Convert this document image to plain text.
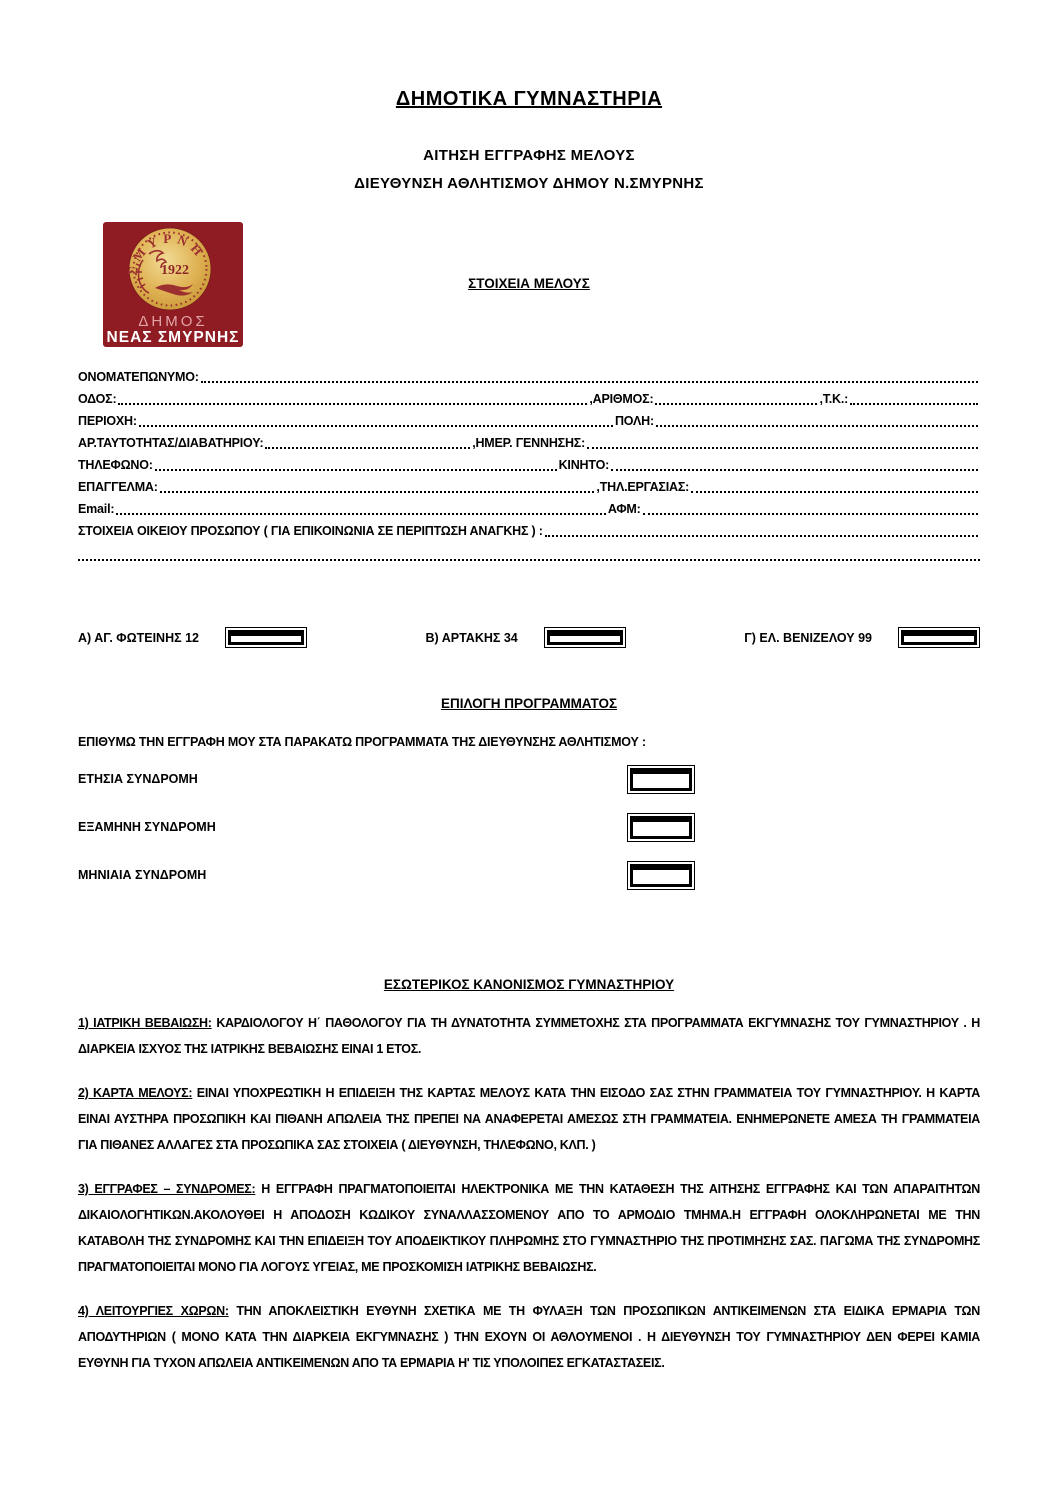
ΔΗΜΟΤΙΚΑ ΓΥΜΝΑΣΤΗΡΙΑ
ΑΙΤΗΣΗ ΕΓΓΡΑΦΗΣ ΜΕΛΟΥΣ
ΔΙΕΥΘΥΝΣΗ ΑΘΛΗΤΙΣΜΟΥ ΔΗΜΟΥ Ν.ΣΜΥΡΝΗΣ
ΣΜΥΡΝΗ
1922
ΔΗΜΟΣ
ΝΕΑΣ ΣΜΥΡΝΗΣ
ΣΤΟΙΧΕΙΑ ΜΕΛΟΥΣ
ΟΝΟΜΑΤΕΠΩΝΥΜΟ:
ΟΔΟΣ:	,ΑΡΙΘΜΟΣ:	,Τ.Κ.:
ΠΕΡΙΟΧΗ:	ΠΟΛΗ:
ΑΡ.ΤΑΥΤΟΤΗΤΑΣ/ΔΙΑΒΑΤΗΡΙΟΥ:	,ΗΜΕΡ. ΓΕΝΝΗΣΗΣ:
ΤΗΛΕΦΩΝΟ:	ΚΙΝΗΤΟ:
ΕΠΑΓΓΕΛΜΑ:	,ΤΗΛ.ΕΡΓΑΣΙΑΣ:
Email:	ΑΦΜ:
ΣΤΟΙΧΕΙΑ ΟΙΚΕΙΟΥ ΠΡΟΣΩΠΟΥ ( ΓΙΑ ΕΠΙΚΟΙΝΩΝΙΑ ΣΕ ΠΕΡΙΠΤΩΣΗ ΑΝΑΓΚΗΣ ) :
Α) ΑΓ. ΦΩΤΕΙΝΗΣ 12	Β) ΑΡΤΑΚΗΣ 34	Γ) ΕΛ. ΒΕΝΙΖΕΛΟΥ 99
ΕΠΙΛΟΓΗ ΠΡΟΓΡΑΜΜΑΤΟΣ
ΕΠΙΘΥΜΩ ΤΗΝ ΕΓΓΡΑΦΗ ΜΟΥ ΣΤΑ ΠΑΡΑΚΑΤΩ ΠΡΟΓΡΑΜΜΑΤΑ ΤΗΣ ΔΙΕΥΘΥΝΣΗΣ ΑΘΛΗΤΙΣΜΟΥ :
ΕΤΗΣΙΑ ΣΥΝΔΡΟΜΗ
ΕΞΑΜΗΝΗ ΣΥΝΔΡΟΜΗ
ΜΗΝΙΑΙΑ ΣΥΝΔΡΟΜΗ
ΕΣΩΤΕΡΙΚΟΣ ΚΑΝΟΝΙΣΜΟΣ ΓΥΜΝΑΣΤΗΡΙΟΥ

1) ΙΑΤΡΙΚΗ ΒΕΒΑΙΩΣΗ: ΚΑΡΔΙΟΛΟΓΟΥ Η΄ ΠΑΘΟΛΟΓΟΥ ΓΙΑ ΤΗ ΔΥΝΑΤΟΤΗΤΑ ΣΥΜΜΕΤΟΧΗΣ ΣΤΑ ΠΡΟΓΡΑΜΜΑΤΑ ΕΚΓΥΜΝΑΣΗΣ ΤΟΥ ΓΥΜΝΑΣΤΗΡΙΟΥ . Η ΔΙΑΡΚΕΙΑ ΙΣΧΥΟΣ ΤΗΣ ΙΑΤΡΙΚΗΣ ΒΕΒΑΙΩΣΗΣ ΕΙΝΑΙ 1 ΕΤΟΣ.

2) ΚΑΡΤΑ ΜΕΛΟΥΣ: ΕΙΝΑΙ ΥΠΟΧΡΕΩΤΙΚΗ Η ΕΠΙΔΕΙΞΗ ΤΗΣ ΚΑΡΤΑΣ ΜΕΛΟΥΣ ΚΑΤΑ ΤΗΝ ΕΙΣΟΔΟ ΣΑΣ ΣΤΗΝ ΓΡΑΜΜΑΤΕΙΑ ΤΟΥ ΓΥΜΝΑΣΤΗΡΙΟΥ. Η ΚΑΡΤΑ ΕΙΝΑΙ ΑΥΣΤΗΡΑ ΠΡΟΣΩΠΙΚΗ ΚΑΙ ΠΙΘΑΝΗ ΑΠΩΛΕΙΑ ΤΗΣ ΠΡΕΠΕΙ ΝΑ ΑΝΑΦΕΡΕΤΑΙ ΑΜΕΣΩΣ ΣΤΗ ΓΡΑΜΜΑΤΕΙΑ. ΕΝΗΜΕΡΩΝΕΤΕ ΑΜΕΣΑ ΤΗ ΓΡΑΜΜΑΤΕΙΑ ΓΙΑ ΠΙΘΑΝΕΣ ΑΛΛΑΓΕΣ ΣΤΑ ΠΡΟΣΩΠΙΚΑ ΣΑΣ ΣΤΟΙΧΕΙΑ ( ΔΙΕΥΘΥΝΣΗ, ΤΗΛΕΦΩΝΟ, ΚΛΠ. )

3) ΕΓΓΡΑΦΕΣ – ΣΥΝΔΡΟΜΕΣ: Η ΕΓΓΡΑΦΗ ΠΡΑΓΜΑΤΟΠΟΙΕΙΤΑΙ ΗΛΕΚΤΡΟΝΙΚΑ ΜΕ ΤΗΝ ΚΑΤΑΘΕΣΗ ΤΗΣ ΑΙΤΗΣΗΣ ΕΓΓΡΑΦΗΣ ΚΑΙ ΤΩΝ ΑΠΑΡΑΙΤΗΤΩΝ ΔΙΚΑΙΟΛΟΓΗΤΙΚΩΝ.ΑΚΟΛΟΥΘΕΙ Η ΑΠΟΔΟΣΗ ΚΩΔΙΚΟΥ ΣΥΝΑΛΛΑΣΣΟΜΕΝΟΥ ΑΠΟ ΤΟ ΑΡΜΟΔΙΟ ΤΜΗΜΑ.Η ΕΓΓΡΑΦΗ ΟΛΟΚΛΗΡΩΝΕΤΑΙ ΜΕ ΤΗΝ ΚΑΤΑΒΟΛΗ ΤΗΣ ΣΥΝΔΡΟΜΗΣ ΚΑΙ ΤΗΝ ΕΠΙΔΕΙΞΗ ΤΟΥ ΑΠΟΔΕΙΚΤΙΚΟΥ ΠΛΗΡΩΜΗΣ ΣΤΟ ΓΥΜΝΑΣΤΗΡΙΟ ΤΗΣ ΠΡΟΤΙΜΗΣΗΣ ΣΑΣ. ΠΑΓΩΜΑ ΤΗΣ ΣΥΝΔΡΟΜΗΣ ΠΡΑΓΜΑΤΟΠΟΙΕΙΤΑΙ ΜΟΝΟ ΓΙΑ ΛΟΓΟΥΣ ΥΓΕΙΑΣ, ΜΕ ΠΡΟΣΚΟΜΙΣΗ ΙΑΤΡΙΚΗΣ ΒΕΒΑΙΩΣΗΣ.

4) ΛΕΙΤΟΥΡΓΙΕΣ ΧΩΡΩΝ: ΤΗΝ ΑΠΟΚΛΕΙΣΤΙΚΗ ΕΥΘΥΝΗ ΣΧΕΤΙΚΑ ΜΕ ΤΗ ΦΥΛΑΞΗ ΤΩΝ ΠΡΟΣΩΠΙΚΩΝ ΑΝΤΙΚΕΙΜΕΝΩΝ ΣΤΑ ΕΙΔΙΚΑ ΕΡΜΑΡΙΑ ΤΩΝ ΑΠΟΔΥΤΗΡΙΩΝ ( ΜΟΝΟ ΚΑΤΑ ΤΗΝ ΔΙΑΡΚΕΙΑ ΕΚΓΥΜΝΑΣΗΣ ) ΤΗΝ ΕΧΟΥΝ ΟΙ ΑΘΛΟΥΜΕΝΟΙ . Η ΔΙΕΥΘΥΝΣΗ ΤΟΥ ΓΥΜΝΑΣΤΗΡΙΟΥ ΔΕΝ ΦΕΡΕΙ ΚΑΜΙΑ ΕΥΘΥΝΗ ΓΙΑ ΤΥΧΟΝ ΑΠΩΛΕΙΑ ΑΝΤΙΚΕΙΜΕΝΩΝ ΑΠΟ ΤΑ ΕΡΜΑΡΙΑ Η' ΤΙΣ ΥΠΟΛΟΙΠΕΣ ΕΓΚΑΤΑΣΤΑΣΕΙΣ.
